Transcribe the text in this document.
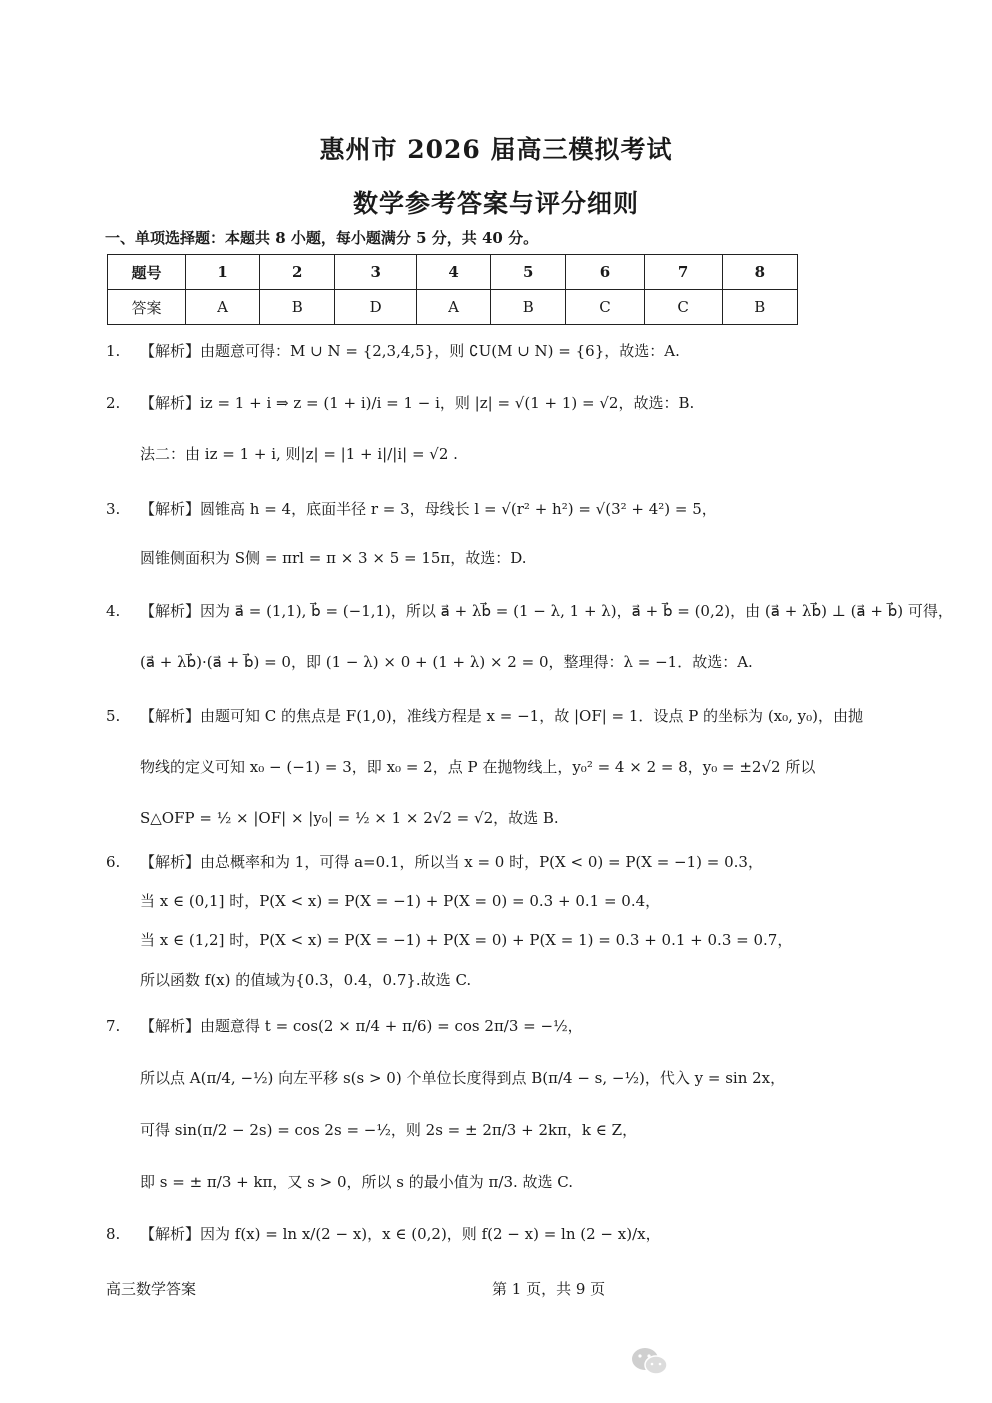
惠州市 2026 届高三模拟考试
数学参考答案与评分细则
一、单项选择题：本题共 8 小题，每小题满分 5 分，共 40 分。
题号	1	2	3	4	5	6	7	8
答案	A	B	D	A	B	C	C	B
1. 【解析】由题意可得：M ∪ N = {2,3,4,5}，则 ∁U(M ∪ N) = {6}，故选：A.
2. 【解析】iz = 1 + i ⇒ z = (1 + i)/i = 1 − i，则 |z| = √(1 + 1) = √2，故选：B.
法二：由 iz = 1 + i, 则|z| = |1 + i|/|i| = √2 .
3. 【解析】圆锥高 h = 4，底面半径 r = 3，母线长 l = √(r² + h²) = √(3² + 4²) = 5，
圆锥侧面积为 S侧 = πrl = π × 3 × 5 = 15π，故选：D.
4. 【解析】因为 a⃗ = (1,1), b⃗ = (−1,1)，所以 a⃗ + λb⃗ = (1 − λ, 1 + λ)，a⃗ + b⃗ = (0,2)，由 (a⃗ + λb⃗) ⊥ (a⃗ + b⃗) 可得，
(a⃗ + λb⃗)·(a⃗ + b⃗) = 0，即 (1 − λ) × 0 + (1 + λ) × 2 = 0，整理得：λ = −1．故选：A.
5. 【解析】由题可知 C 的焦点是 F(1,0)，准线方程是 x = −1，故 |OF| = 1．设点 P 的坐标为 (x₀, y₀)，由抛
物线的定义可知 x₀ − (−1) = 3，即 x₀ = 2，点 P 在抛物线上，y₀² = 4 × 2 = 8，y₀ = ±2√2 所以
S△OFP = ½ × |OF| × |y₀| = ½ × 1 × 2√2 = √2，故选 B.
6. 【解析】由总概率和为 1，可得 a=0.1，所以当 x = 0 时，P(X < 0) = P(X = −1) = 0.3，
当 x ∈ (0,1] 时，P(X < x) = P(X = −1) + P(X = 0) = 0.3 + 0.1 = 0.4，
当 x ∈ (1,2] 时，P(X < x) = P(X = −1) + P(X = 0) + P(X = 1) = 0.3 + 0.1 + 0.3 = 0.7，
所以函数 f(x) 的值域为{0.3，0.4，0.7}.故选 C.
7. 【解析】由题意得 t = cos(2 × π/4 + π/6) = cos 2π/3 = −½，
所以点 A(π/4, −½) 向左平移 s(s > 0) 个单位长度得到点 B(π/4 − s, −½)，代入 y = sin 2x，
可得 sin(π/2 − 2s) = cos 2s = −½，则 2s = ± 2π/3 + 2kπ，k ∈ Z，
即 s = ± π/3 + kπ，又 s > 0，所以 s 的最小值为 π/3. 故选 C.
8. 【解析】因为 f(x) = ln x/(2 − x)，x ∈ (0,2)，则 f(2 − x) = ln (2 − x)/x，
高三数学答案	第 1 页，共 9 页
